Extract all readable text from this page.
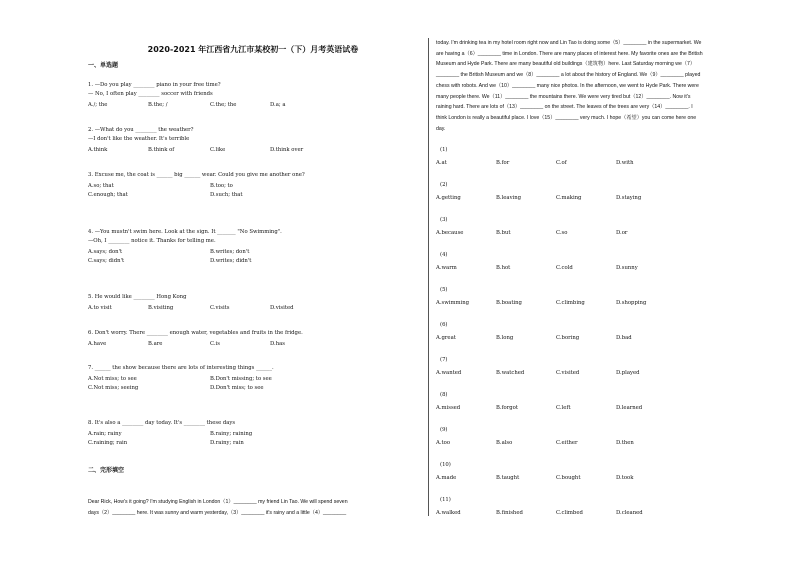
2020-2021 年江西省九江市某校初一（下）月考英语试卷
一、单选题
1. —Do you play ________ piano in your free time?
— No, I often play ________ soccer with friends
A./; the	B.the; /	C.the; the	D.a; a
2. —What do you ________ the weather?
—I don't like the weather. It's terrible
A.think	B.think of	C.like	D.think over
3. Excuse me, the coat is ______ big ______ wear. Could you give me another one?
A.so; that	B.too; to
C.enough; that	D.such; that
4. —You mustn't swim here. Look at the sign. It _______ "No Swimming".
—Oh, I ________ notice it. Thanks for telling me.
A.says; don't	B.writes; don't
C.says; didn't	D.writes; didn't
5. He would like ________ Hong Kong
A.to visit	B.visiting	C.visits	D.visited
6. Don't worry. There ________ enough water, vegetables and fruits in the fridge.
A.have	B.are	C.is	D.has
7. ______ the show because there are lots of interesting things ______.
A.Not miss; to see	B.Don't missing; to see
C.Not miss; seeing	D.Don't miss; to see
8. It's also a ________ day today. It's ________ these days
A.rain; rainy	B.rainy; raining
C.raining; rain	D.rainy; rain
二、完形填空
Dear Rick, How's it going? I'm studying English in London（1）________ my friend Lin Tao. We will spend seven
days（2）________ here. It was sunny and warm yesterday,（3）________ it's rainy and a little（4）________
today. I'm drinking tea in my hotel room right now and Lin Tao is doing some（5）________ in the supermarket. We
are having a（6）________ time in London. There are many places of interest here. My favorite ones are the British
Museum and Hyde Park. There are many beautiful old buildings（建筑物）here. Last Saturday morning we（7）
________ the British Museum and we（8）________ a lot about the history of England. We（9）________ played
chess with robots. And we（10）________ many nice photos. In the afternoon, we went to Hyde Park. There were
many people there. We（11）________ the mountains there. We were very tired but（12）________. Now it's
raining hard. There are lots of（13）________ on the street. The leaves of the trees are very（14）________. I
think London is really a beautiful place. I love（15）________ very much. I hope（希望）you can come here one
day.
(1)
A.at	B.for	C.of	D.with
(2)
A.getting	B.leaving	C.making	D.staying
(3)
A.because	B.but	C.so	D.or
(4)
A.warm	B.hot	C.cold	D.sunny
(5)
A.swimming	B.boating	C.climbing	D.shopping
(6)
A.great	B.long	C.boring	D.bad
(7)
A.wanted	B.watched	C.visited	D.played
(8)
A.missed	B.forgot	C.left	D.learned
(9)
A.too	B.also	C.either	D.then
(10)
A.made	B.taught	C.bought	D.took
(11)
A.walked	B.finished	C.climbed	D.cleaned
